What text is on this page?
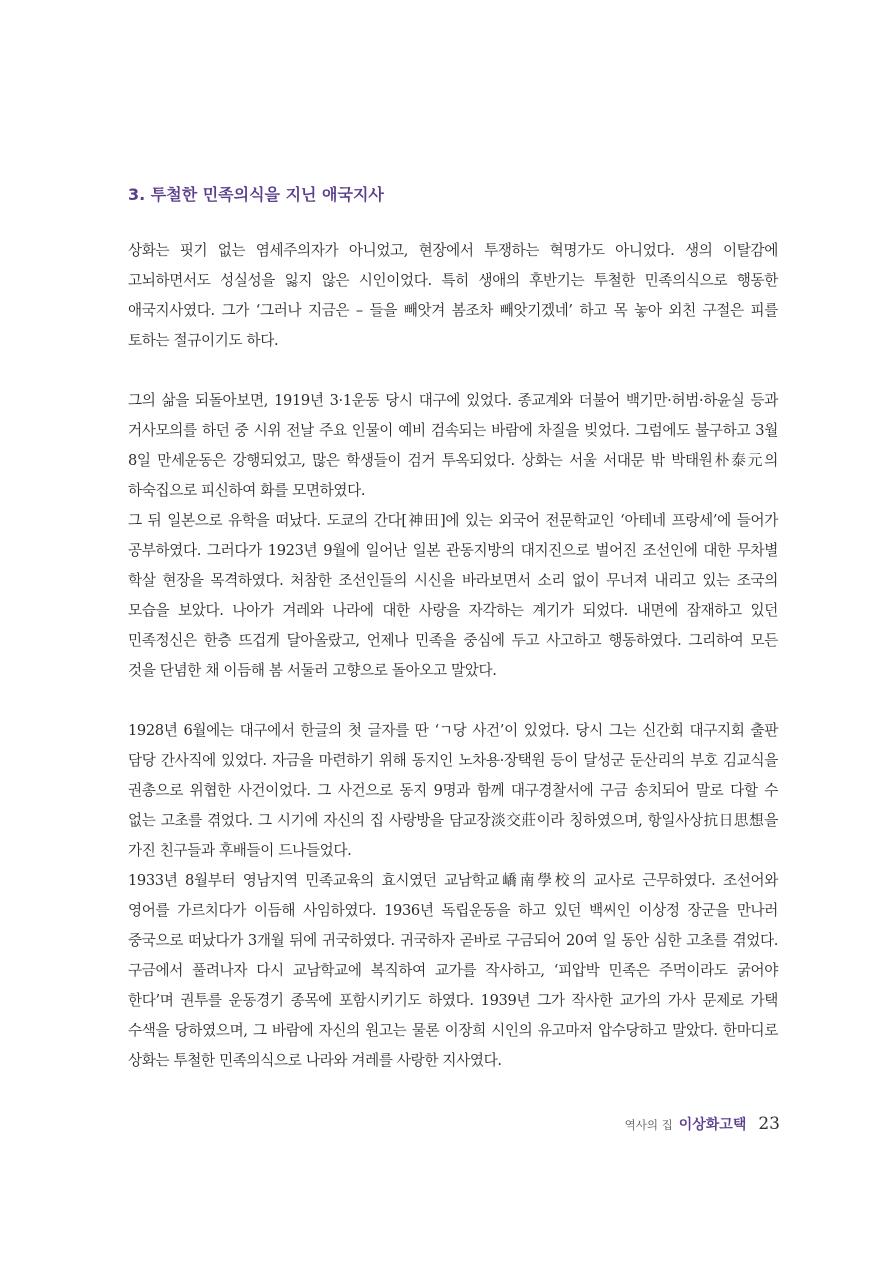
3. 투철한 민족의식을 지닌 애국지사

상화는 핏기 없는 염세주의자가 아니었고, 현장에서 투쟁하는 혁명가도 아니었다. 생의 이탈감에 고뇌하면서도 성실성을 잃지 않은 시인이었다. 특히 생애의 후반기는 투철한 민족의식으로 행동한 애국지사였다. 그가 ‘그러나 지금은 – 들을 빼앗겨 봄조차 빼앗기겠네’ 하고 목 놓아 외친 구절은 피를 토하는 절규이기도 하다.

그의 삶을 되돌아보면, 1919년 3·1운동 당시 대구에 있었다. 종교계와 더불어 백기만·허범·하윤실 등과 거사모의를 하던 중 시위 전날 주요 인물이 예비 검속되는 바람에 차질을 빚었다. 그럼에도 불구하고 3월 8일 만세운동은 강행되었고, 많은 학생들이 검거 투옥되었다. 상화는 서울 서대문 밖 박태원朴泰元의 하숙집으로 피신하여 화를 모면하였다.

그 뒤 일본으로 유학을 떠났다. 도쿄의 간다[神田]에 있는 외국어 전문학교인 ‘아테네 프랑세’에 들어가 공부하였다. 그러다가 1923년 9월에 일어난 일본 관동지방의 대지진으로 벌어진 조선인에 대한 무차별 학살 현장을 목격하였다. 처참한 조선인들의 시신을 바라보면서 소리 없이 무너져 내리고 있는 조국의 모습을 보았다. 나아가 겨레와 나라에 대한 사랑을 자각하는 계기가 되었다. 내면에 잠재하고 있던 민족정신은 한층 뜨겁게 달아올랐고, 언제나 민족을 중심에 두고 사고하고 행동하였다. 그리하여 모든 것을 단념한 채 이듬해 봄 서둘러 고향으로 돌아오고 말았다.

1928년 6월에는 대구에서 한글의 첫 글자를 딴 ‘ㄱ당 사건’이 있었다. 당시 그는 신간회 대구지회 출판 담당 간사직에 있었다. 자금을 마련하기 위해 동지인 노차용·장택원 등이 달성군 둔산리의 부호 김교식을 권총으로 위협한 사건이었다. 그 사건으로 동지 9명과 함께 대구경찰서에 구금 송치되어 말로 다할 수 없는 고초를 겪었다. 그 시기에 자신의 집 사랑방을 담교장淡交莊이라 칭하였으며, 항일사상抗日思想을 가진 친구들과 후배들이 드나들었다.

1933년 8월부터 영남지역 민족교육의 효시였던 교남학교嶠南學校의 교사로 근무하였다. 조선어와 영어를 가르치다가 이듬해 사임하였다. 1936년 독립운동을 하고 있던 백씨인 이상정 장군을 만나러 중국으로 떠났다가 3개월 뒤에 귀국하였다. 귀국하자 곧바로 구금되어 20여 일 동안 심한 고초를 겪었다. 구금에서 풀려나자 다시 교남학교에 복직하여 교가를 작사하고, ‘피압박 민족은 주먹이라도 굵어야 한다’며 권투를 운동경기 종목에 포함시키기도 하였다. 1939년 그가 작사한 교가의 가사 문제로 가택 수색을 당하였으며, 그 바람에 자신의 원고는 물론 이장희 시인의 유고마저 압수당하고 말았다. 한마디로 상화는 투철한 민족의식으로 나라와 겨레를 사랑한 지사였다.

역사의 집 이상화고택 23
